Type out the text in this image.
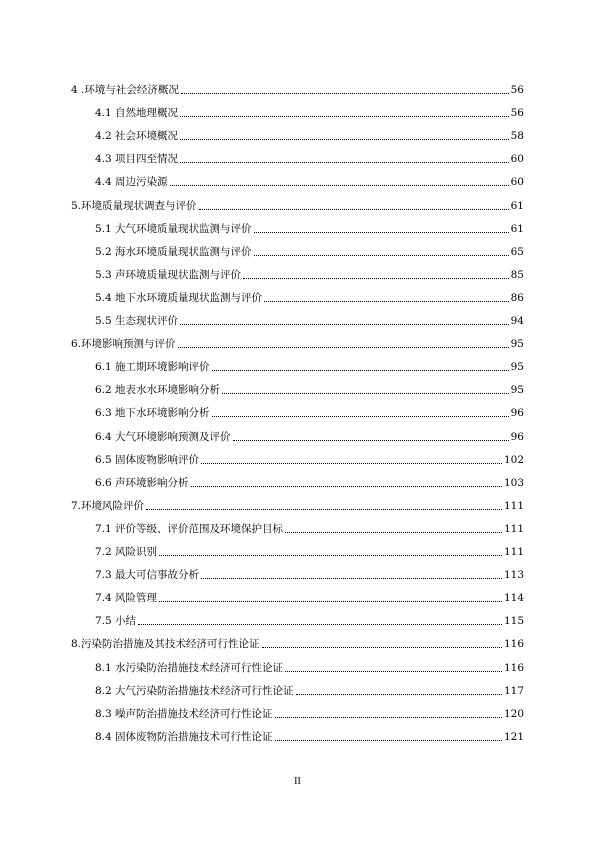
4 .环境与社会经济概况	56
4.1 自然地理概况	56
4.2 社会环境概况	58
4.3 项目四至情况	60
4.4 周边污染源	60
5.环境质量现状调查与评价	61
5.1 大气环境质量现状监测与评价	61
5.2 海水环境质量现状监测与评价	65
5.3 声环境质量现状监测与评价	85
5.4 地下水环境质量现状监测与评价	86
5.5 生态现状评价	94
6.环境影响预测与评价	95
6.1 施工期环境影响评价	95
6.2 地表水水环境影响分析	95
6.3 地下水环境影响分析	96
6.4 大气环境影响预测及评价	96
6.5 固体废物影响评价	102
6.6 声环境影响分析	103
7.环境风险评价	111
7.1 评价等级、评价范围及环境保护目标	111
7.2 风险识别	111
7.3 最大可信事故分析	113
7.4 风险管理	114
7.5 小结	115
8.污染防治措施及其技术经济可行性论证	116
8.1 水污染防治措施技术经济可行性论证	116
8.2 大气污染防治措施技术经济可行性论证	117
8.3 噪声防治措施技术经济可行性论证	120
8.4 固体废物防治措施技术可行性论证	121
II
